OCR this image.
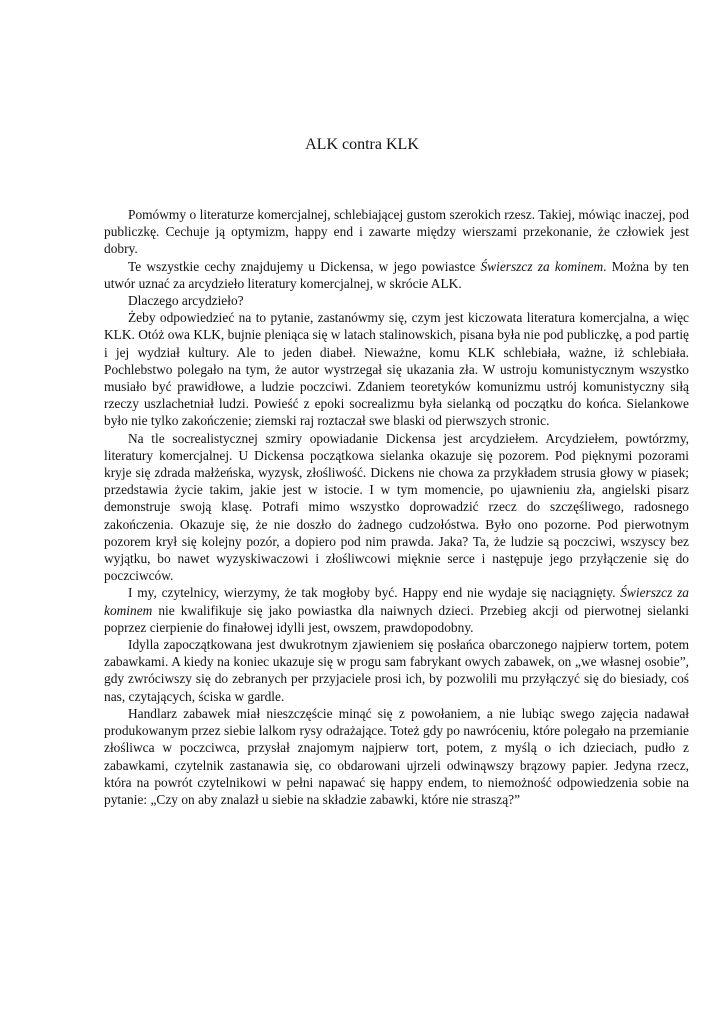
ALK contra KLK

Pomówmy o literaturze komercjalnej, schlebiającej gustom szerokich rzesz. Takiej, mówiąc inaczej, pod publiczkę. Cechuje ją optymizm, happy end i zawarte między wierszami przekonanie, że człowiek jest dobry.

Te wszystkie cechy znajdujemy u Dickensa, w jego powiastce Świerszcz za kominem. Można by ten utwór uznać za arcydzieło literatury komercjalnej, w skrócie ALK.

Dlaczego arcydzieło?

Żeby odpowiedzieć na to pytanie, zastanówmy się, czym jest kiczowata literatura komercjalna, a więc KLK. Otóż owa KLK, bujnie pleniąca się w latach stalinowskich, pisana była nie pod publiczkę, a pod partię i jej wydział kultury. Ale to jeden diabeł. Nieważne, komu KLK schlebiała, ważne, iż schlebiała. Pochlebstwo polegało na tym, że autor wystrzegał się ukazania zła. W ustroju komunistycznym wszystko musiało być prawidłowe, a ludzie poczciwi. Zdaniem teoretyków komunizmu ustrój komunistyczny siłą rzeczy uszlachetniał ludzi. Powieść z epoki socrealizmu była sielanką od początku do końca. Sielankowe było nie tylko zakończenie; ziemski raj roztaczał swe blaski od pierwszych stronic.

Na tle socrealistycznej szmiry opowiadanie Dickensa jest arcydziełem. Arcydziełem, powtórzmy, literatury komercjalnej. U Dickensa początkowa sielanka okazuje się pozorem. Pod pięknymi pozorami kryje się zdrada małżeńska, wyzysk, złośliwość. Dickens nie chowa za przykładem strusia głowy w piasek; przedstawia życie takim, jakie jest w istocie. I w tym momencie, po ujawnieniu zła, angielski pisarz demonstruje swoją klasę. Potrafi mimo wszystko doprowadzić rzecz do szczęśliwego, radosnego zakończenia. Okazuje się, że nie doszło do żadnego cudzołóstwa. Było ono pozorne. Pod pierwotnym pozorem krył się kolejny pozór, a dopiero pod nim prawda. Jaka? Ta, że ludzie są poczciwi, wszyscy bez wyjątku, bo nawet wyzyskiwaczowi i złośliwcowi mięknie serce i następuje jego przyłączenie się do poczciwców.

I my, czytelnicy, wierzymy, że tak mogłoby być. Happy end nie wydaje się naciągnięty. Świerszcz za kominem nie kwalifikuje się jako powiastka dla naiwnych dzieci. Przebieg akcji od pierwotnej sielanki poprzez cierpienie do finałowej idylli jest, owszem, prawdopodobny.

Idylla zapoczątkowana jest dwukrotnym zjawieniem się posłańca obarczonego najpierw tortem, potem zabawkami. A kiedy na koniec ukazuje się w progu sam fabrykant owych zabawek, on „we własnej osobie”, gdy zwróciwszy się do zebranych per przyjaciele prosi ich, by pozwolili mu przyłączyć się do biesiady, coś nas, czytających, ściska w gardle.

Handlarz zabawek miał nieszczęście minąć się z powołaniem, a nie lubiąc swego zajęcia nadawał produkowanym przez siebie lalkom rysy odrażające. Toteż gdy po nawróceniu, które polegało na przemianie złośliwca w poczciwca, przysłał znajomym najpierw tort, potem, z myślą o ich dzieciach, pudło z zabawkami, czytelnik zastanawia się, co obdarowani ujrzeli odwinąwszy brązowy papier. Jedyna rzecz, która na powrót czytelnikowi w pełni napawać się happy endem, to niemożność odpowiedzenia sobie na pytanie: „Czy on aby znalazł u siebie na składzie zabawki, które nie straszą?”
